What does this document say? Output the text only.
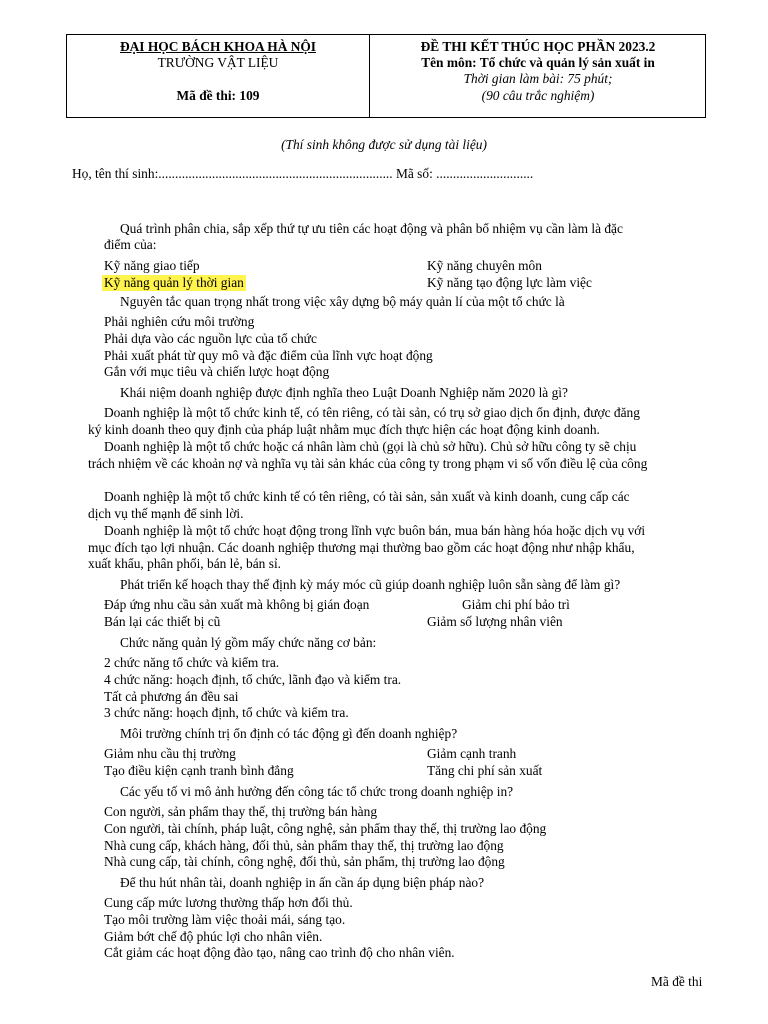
ĐẠI HỌC BÁCH KHOA HÀ NỘI
TRƯỜNG VẬT LIỆU
Mã đề thi: 109
ĐỀ THI KẾT THÚC HỌC PHẦN 2023.2
Tên môn: Tổ chức và quản lý sản xuất in
Thời gian làm bài: 75 phút;
(90 câu trắc nghiệm)
(Thí sinh không được sử dụng tài liệu)
Họ, tên thí sinh:...................................................................... Mã số: .............................
Quá trình phân chia, sắp xếp thứ tự ưu tiên các hoạt động và phân bổ nhiệm vụ cần làm là đặc
điểm của:
Kỹ năng giao tiếp	Kỹ năng chuyên môn
Kỹ năng quản lý thời gian	Kỹ năng tạo động lực làm việc
Nguyên tắc quan trọng nhất trong việc xây dựng bộ máy quản lí của một tổ chức là
Phải nghiên cứu môi trường
Phải dựa vào các nguồn lực của tổ chức
Phải xuất phát từ quy mô và đặc điểm của lĩnh vực hoạt động
Gắn với mục tiêu và chiến lược hoạt động
Khái niệm doanh nghiệp được định nghĩa theo Luật Doanh Nghiệp năm 2020 là gì?
Doanh nghiệp là một tổ chức kinh tế, có tên riêng, có tài sản, có trụ sở giao dịch ổn định, được đăng
ký kinh doanh theo quy định của pháp luật nhằm mục đích thực hiện các hoạt động kinh doanh.
Doanh nghiệp là một tổ chức hoặc cá nhân làm chủ (gọi là chủ sở hữu). Chủ sở hữu công ty sẽ chịu
trách nhiệm về các khoản nợ và nghĩa vụ tài sản khác của công ty trong phạm vi số vốn điều lệ của công
Doanh nghiệp là một tổ chức kinh tế có tên riêng, có tài sản, sản xuất và kinh doanh, cung cấp các
dịch vụ thế mạnh để sinh lời.
Doanh nghiệp là một tổ chức hoạt động trong lĩnh vực buôn bán, mua bán hàng hóa hoặc dịch vụ với
mục đích tạo lợi nhuận. Các doanh nghiệp thương mại thường bao gồm các hoạt động như nhập khẩu,
xuất khẩu, phân phối, bán lẻ, bán sỉ.
Phát triển kế hoạch thay thế định kỳ máy móc cũ giúp doanh nghiệp luôn sẵn sàng để làm gì?
Đáp ứng nhu cầu sản xuất mà không bị gián đoạn	Giảm chi phí bảo trì
Bán lại các thiết bị cũ	Giảm số lượng nhân viên
Chức năng quản lý gồm mấy chức năng cơ bản:
2 chức năng tổ chức và kiểm tra.
4 chức năng: hoạch định, tổ chức, lãnh đạo và kiểm tra.
Tất cả phương án đều sai
3 chức năng: hoạch định, tổ chức và kiểm tra.
Môi trường chính trị ổn định có tác động gì đến doanh nghiệp?
Giảm nhu cầu thị trường	Giảm cạnh tranh
Tạo điều kiện cạnh tranh bình đẳng	Tăng chi phí sản xuất
Các yếu tố vi mô ảnh hưởng đến công tác tổ chức trong doanh nghiệp in?
Con người, sản phẩm thay thế, thị trường bán hàng
Con người, tài chính, pháp luật, công nghệ, sản phẩm thay thế, thị trường lao động
Nhà cung cấp, khách hàng, đối thủ, sản phẩm thay thế, thị trường lao động
Nhà cung cấp, tài chính, công nghệ, đối thủ, sản phẩm, thị trường lao động
Để thu hút nhân tài, doanh nghiệp in ấn cần áp dụng biện pháp nào?
Cung cấp mức lương thường thấp hơn đối thủ.
Tạo môi trường làm việc thoải mái, sáng tạo.
Giảm bớt chế độ phúc lợi cho nhân viên.
Cắt giảm các hoạt động đào tạo, nâng cao trình độ cho nhân viên.
Mã đề thi
